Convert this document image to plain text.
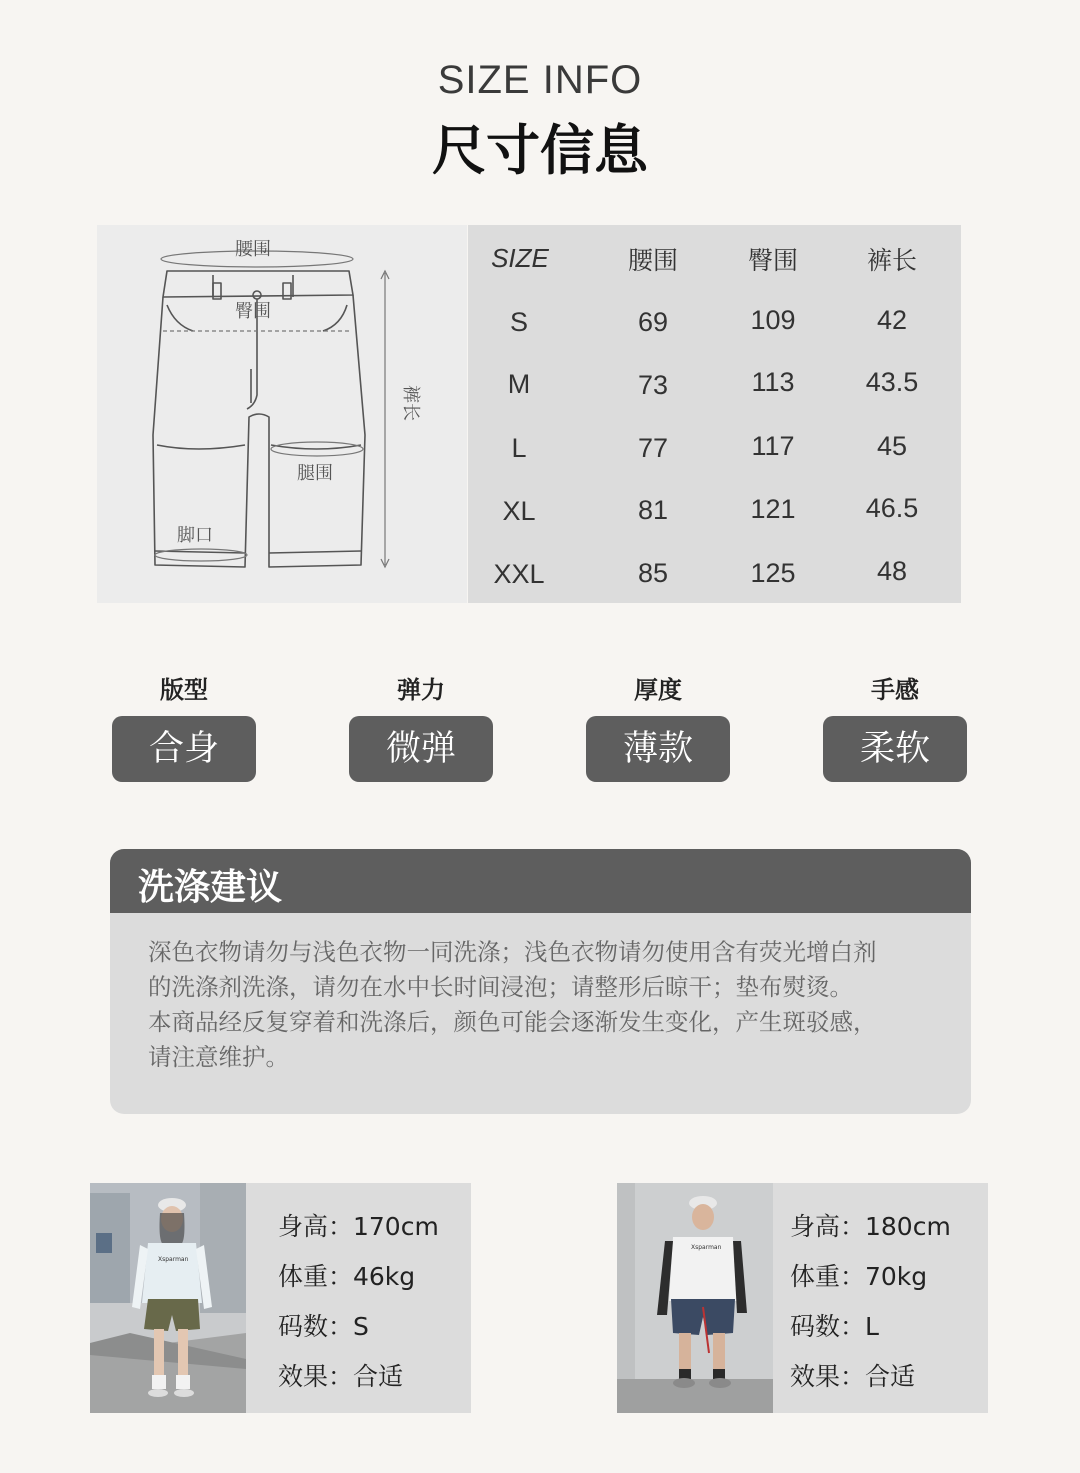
SIZE INFO
尺寸信息
腰围
臀围
腿围
脚口
裤长
SIZE	腰围	臀围	裤长
S	69	109	42
M	73	113	43.5
L	77	117	45
XL	81	121	46.5
XXL	85	125	48
版型
合身
弹力
微弹
厚度
薄款
手感
柔软
洗涤建议
深色衣物请勿与浅色衣物一同洗涤；浅色衣物请勿使用含有荧光增白剂
的洗涤剂洗涤，请勿在水中长时间浸泡；请整形后晾干；垫布熨烫。
本商品经反复穿着和洗涤后，颜色可能会逐渐发生变化，产生斑驳感，
请注意维护。
Xsparman
身高：170cm
体重：46kg
码数：S
效果：合适
Xsparman
身高：180cm
体重：70kg
码数：L
效果：合适
